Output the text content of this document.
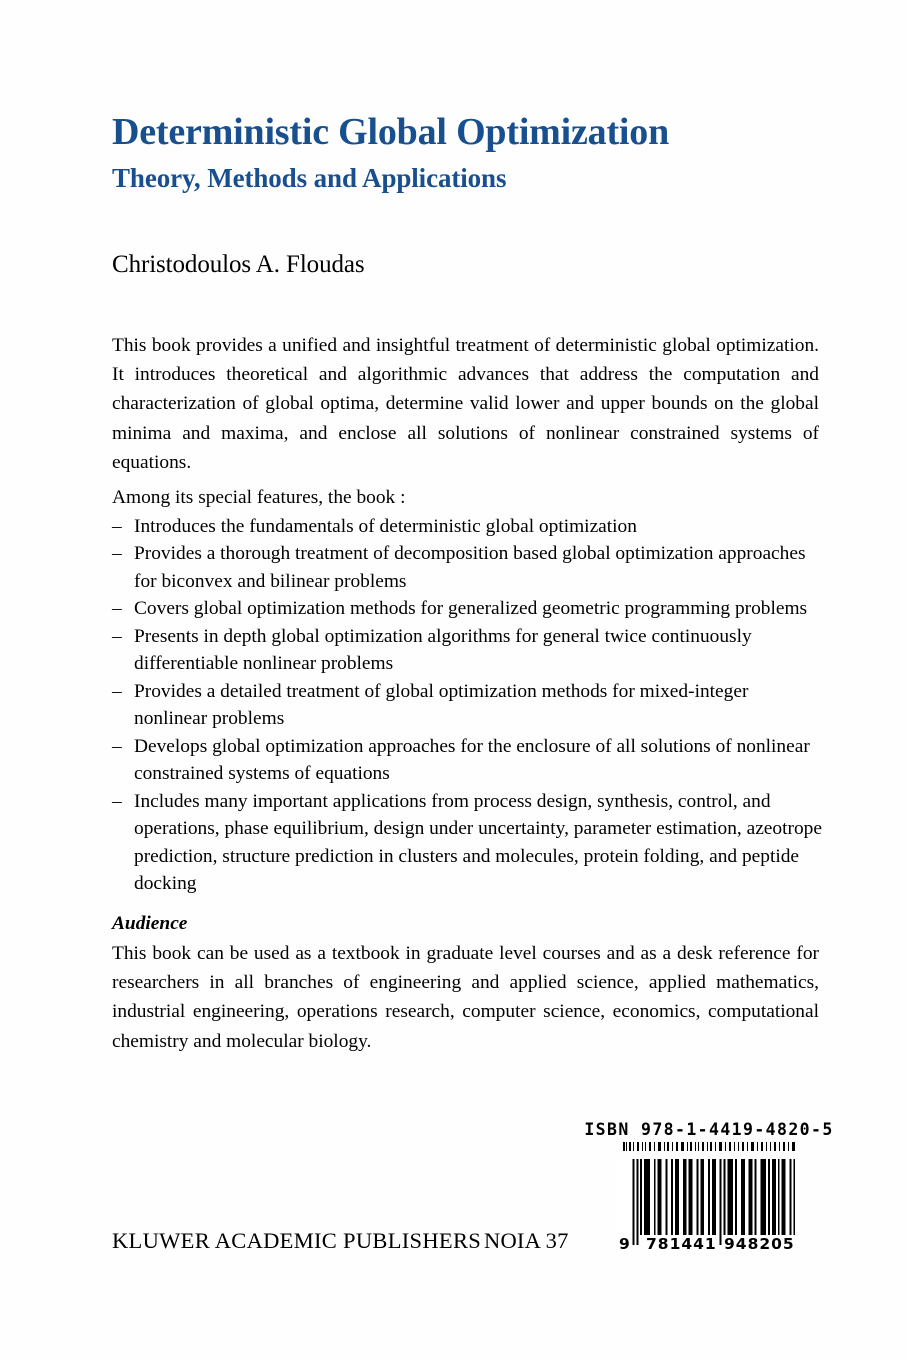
Deterministic Global Optimization
Theory, Methods and Applications
Christodoulos A. Floudas

This book provides a unified and insightful treatment of deterministic global optimization. It introduces theoretical and algorithmic advances that address the computation and characterization of global optima, determine valid lower and upper bounds on the global minima and maxima, and enclose all solutions of nonlinear constrained systems of equations.

Among its special features, the book :
– Introduces the fundamentals of deterministic global optimization
– Provides a thorough treatment of decomposition based global optimization approaches for biconvex and bilinear problems
– Covers global optimization methods for generalized geometric programming problems
– Presents in depth global optimization algorithms for general twice continuously differentiable nonlinear problems
– Provides a detailed treatment of global optimization methods for mixed-integer nonlinear problems
– Develops global optimization approaches for the enclosure of all solutions of nonlinear constrained systems of equations
– Includes many important applications from process design, synthesis, control, and operations, phase equilibrium, design under uncertainty, parameter estimation, azeotrope prediction, structure prediction in clusters and molecules, protein folding, and peptide docking
Audience

This book can be used as a textbook in graduate level courses and as a desk reference for researchers in all branches of engineering and applied science, applied mathematics, industrial engineering, operations research, computer science, economics, computational chemistry and molecular biology.

ISBN 978-1-4419-4820-5
9 781441 948205
KLUWER ACADEMIC PUBLISHERS NOIA 37
